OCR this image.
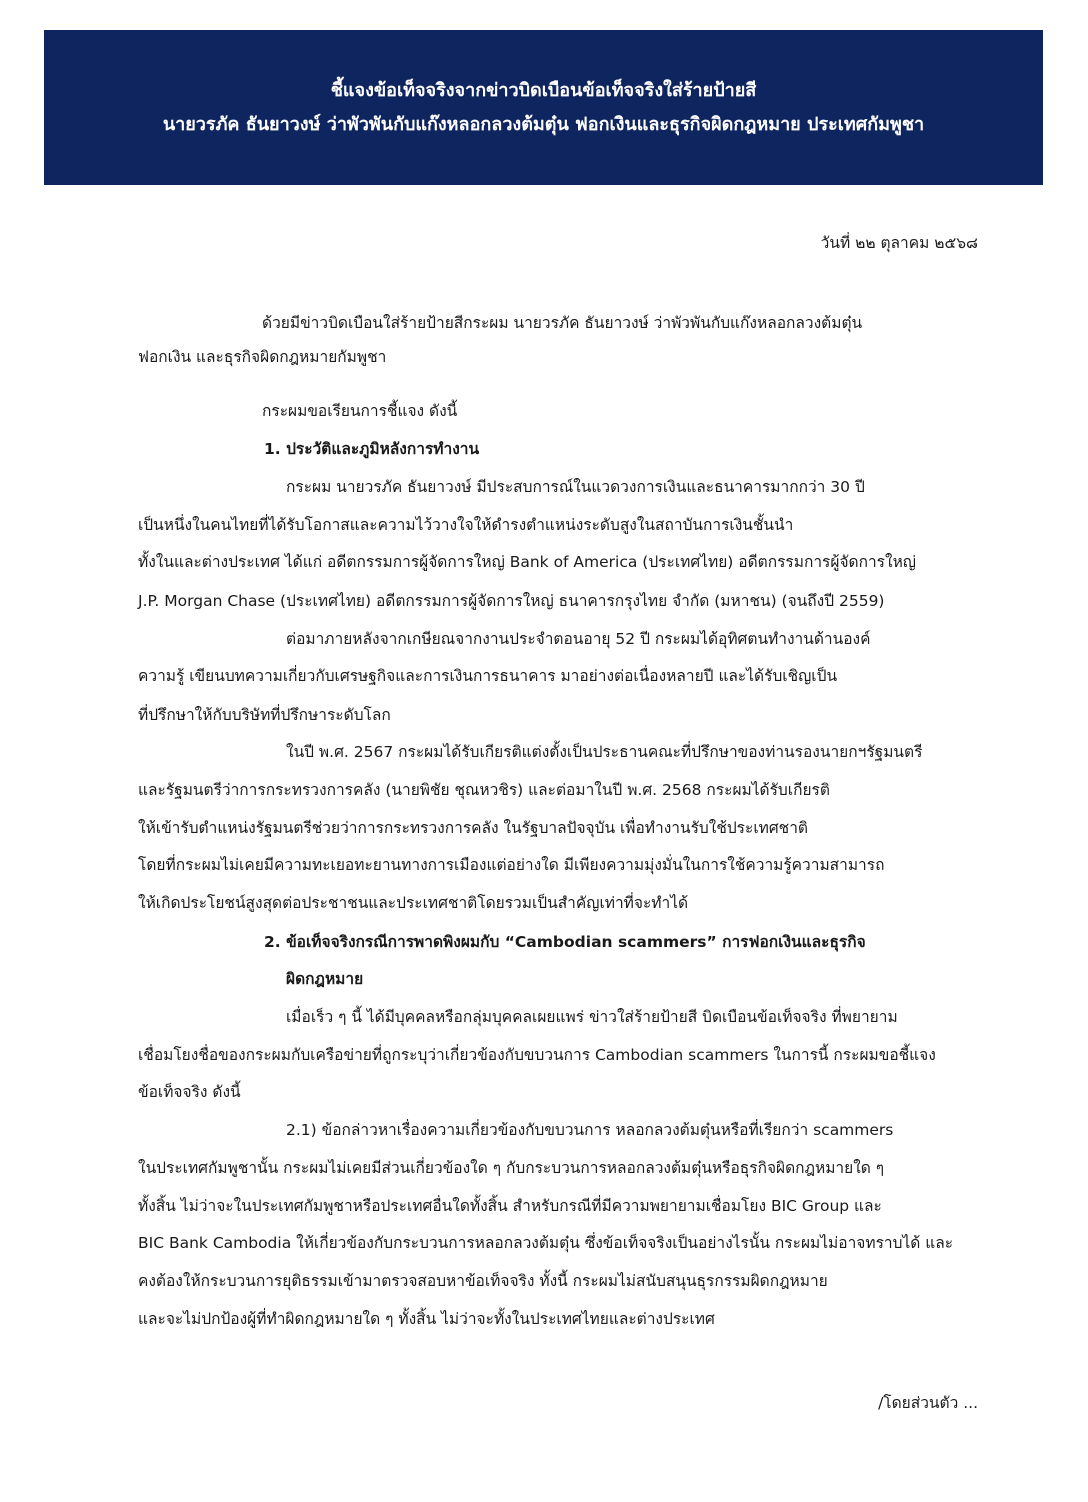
ชี้แจงข้อเท็จจริงจากข่าวบิดเบือนข้อเท็จจริงใส่ร้ายป้ายสี
นายวรภัค ธันยาวงษ์ ว่าพัวพันกับแก๊งหลอกลวงต้มตุ๋น ฟอกเงินและธุรกิจผิดกฎหมาย ประเทศกัมพูชา
วันที่ ๒๒ ตุลาคม ๒๕๖๘
ด้วยมีข่าวบิดเบือนใส่ร้ายป้ายสีกระผม นายวรภัค ธันยาวงษ์ ว่าพัวพันกับแก๊งหลอกลวงต้มตุ๋น
ฟอกเงิน และธุรกิจผิดกฎหมายกัมพูชา
กระผมขอเรียนการชี้แจง ดังนี้
1. ประวัติและภูมิหลังการทำงาน
กระผม นายวรภัค ธันยาวงษ์ มีประสบการณ์ในแวดวงการเงินและธนาคารมากกว่า 30 ปี
เป็นหนึ่งในคนไทยที่ได้รับโอกาสและความไว้วางใจให้ดำรงตำแหน่งระดับสูงในสถาบันการเงินชั้นนำ
ทั้งในและต่างประเทศ ได้แก่ อดีตกรรมการผู้จัดการใหญ่ Bank of America (ประเทศไทย) อดีตกรรมการผู้จัดการใหญ่
J.P. Morgan Chase (ประเทศไทย) อดีตกรรมการผู้จัดการใหญ่ ธนาคารกรุงไทย จำกัด (มหาชน) (จนถึงปี 2559)
ต่อมาภายหลังจากเกษียณจากงานประจำตอนอายุ 52 ปี กระผมได้อุทิศตนทำงานด้านองค์
ความรู้ เขียนบทความเกี่ยวกับเศรษฐกิจและการเงินการธนาคาร มาอย่างต่อเนื่องหลายปี และได้รับเชิญเป็น
ที่ปรึกษาให้กับบริษัทที่ปรึกษาระดับโลก
ในปี พ.ศ. 2567 กระผมได้รับเกียรติแต่งตั้งเป็นประธานคณะที่ปรึกษาของท่านรองนายกฯรัฐมนตรี
และรัฐมนตรีว่าการกระทรวงการคลัง (นายพิชัย ชุณหวชิร) และต่อมาในปี พ.ศ. 2568 กระผมได้รับเกียรติ
ให้เข้ารับตำแหน่งรัฐมนตรีช่วยว่าการกระทรวงการคลัง ในรัฐบาลปัจจุบัน เพื่อทำงานรับใช้ประเทศชาติ
โดยที่กระผมไม่เคยมีความทะเยอทะยานทางการเมืองแต่อย่างใด มีเพียงความมุ่งมั่นในการใช้ความรู้ความสามารถ
ให้เกิดประโยชน์สูงสุดต่อประชาชนและประเทศชาติโดยรวมเป็นสำคัญเท่าที่จะทำได้
2. ข้อเท็จจริงกรณีการพาดพิงผมกับ “Cambodian scammers” การฟอกเงินและธุรกิจ
ผิดกฎหมาย
เมื่อเร็ว ๆ นี้ ได้มีบุคคลหรือกลุ่มบุคคลเผยแพร่ ข่าวใส่ร้ายป้ายสี บิดเบือนข้อเท็จจริง ที่พยายาม
เชื่อมโยงชื่อของกระผมกับเครือข่ายที่ถูกระบุว่าเกี่ยวข้องกับขบวนการ Cambodian scammers ในการนี้ กระผมขอชี้แจง
ข้อเท็จจริง ดังนี้
2.1) ข้อกล่าวหาเรื่องความเกี่ยวข้องกับขบวนการ หลอกลวงต้มตุ๋นหรือที่เรียกว่า scammers
ในประเทศกัมพูชานั้น กระผมไม่เคยมีส่วนเกี่ยวข้องใด ๆ กับกระบวนการหลอกลวงต้มตุ๋นหรือธุรกิจผิดกฎหมายใด ๆ
ทั้งสิ้น ไม่ว่าจะในประเทศกัมพูชาหรือประเทศอื่นใดทั้งสิ้น สำหรับกรณีที่มีความพยายามเชื่อมโยง BIC Group และ
BIC Bank Cambodia ให้เกี่ยวข้องกับกระบวนการหลอกลวงต้มตุ๋น ซึ่งข้อเท็จจริงเป็นอย่างไรนั้น กระผมไม่อาจทราบได้ และ
คงต้องให้กระบวนการยุติธรรมเข้ามาตรวจสอบหาข้อเท็จจริง ทั้งนี้ กระผมไม่สนับสนุนธุรกรรมผิดกฎหมาย
และจะไม่ปกป้องผู้ที่ทำผิดกฎหมายใด ๆ ทั้งสิ้น ไม่ว่าจะทั้งในประเทศไทยและต่างประเทศ
/โดยส่วนตัว ...
